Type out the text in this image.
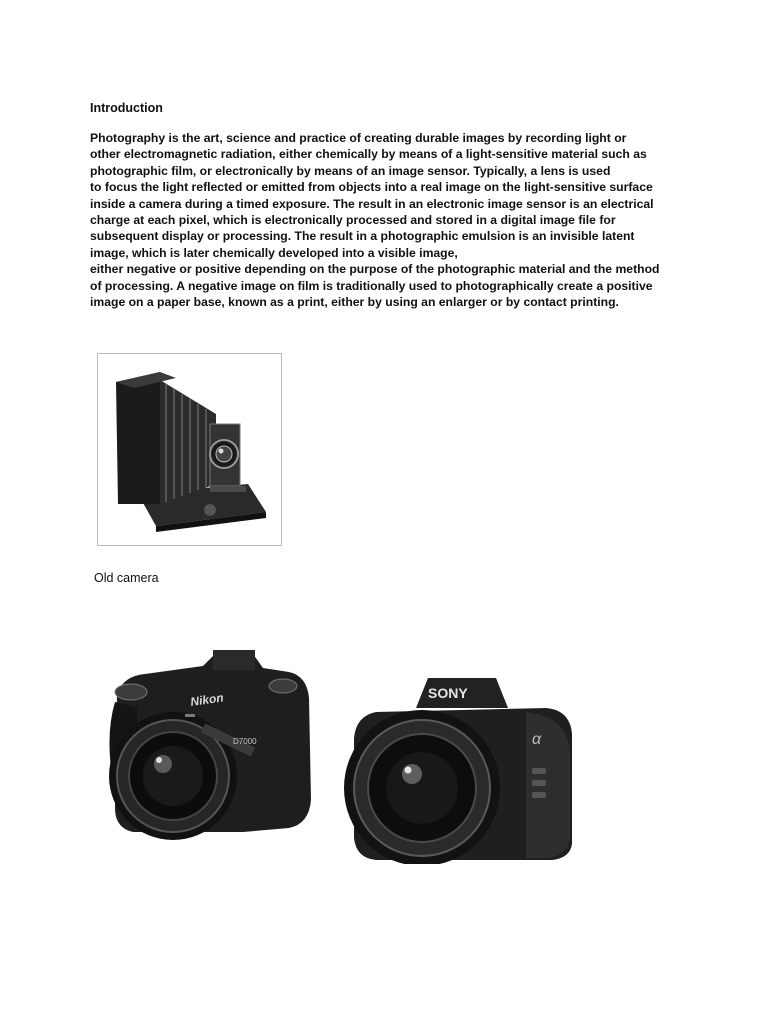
Introduction
Photography is the art, science and practice of creating durable images by recording light or
other electromagnetic radiation, either chemically by means of a light-sensitive material such as
photographic film, or electronically by means of an image sensor. Typically, a lens is used
to focus the light reflected or emitted from objects into a real image on the light-sensitive surface
inside a camera during a timed exposure. The result in an electronic image sensor is an electrical
charge at each pixel, which is electronically processed and stored in a digital image file for
subsequent display or processing. The result in a photographic emulsion is an invisible latent
image, which is later chemically developed into a visible image,
either negative or positive depending on the purpose of the photographic material and the method
of processing. A negative image on film is traditionally used to photographically create a positive
image on a paper base, known as a print, either by using an enlarger or by contact printing.
Old camera
Nikon
D7000
SONY
α
